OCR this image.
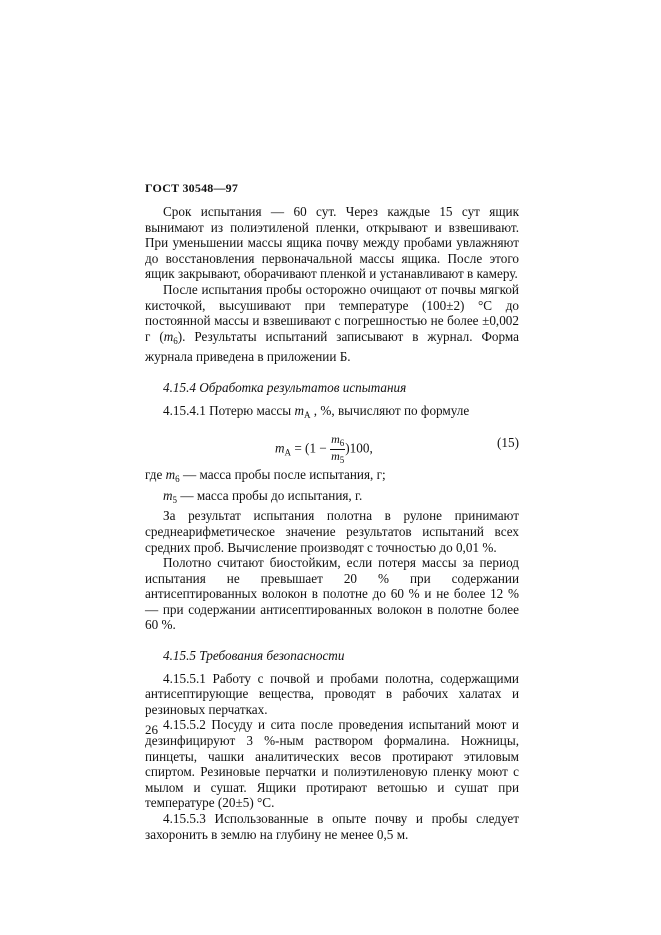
ГОСТ 30548—97

Срок испытания — 60 сут. Через каждые 15 сут ящик вынимают из полиэтиленой пленки, открывают и взвешивают. При уменьшении массы ящика почву между пробами увлажняют до восстановления первоначальной массы ящика. После этого ящик закрывают, оборачивают пленкой и устанавливают в камеру.

После испытания пробы осторожно очищают от почвы мягкой кисточкой, высушивают при температуре (100±2) °С до постоянной массы и взвешивают с погрешностью не более ±0,002 г $(m_6)$. Результаты испытаний записывают в журнал. Форма журнала приведена в приложении Б.

4.15.4 Обработка результатов испытания

4.15.4.1 Потерю массы $m_А$ , %, вычисляют по формуле

$m_А = (1 - \frac{m_6}{m_5} )100$,	(15)
где $m_6$ — масса пробы после испытания, г;
$m_5$ — масса пробы до испытания, г.

За результат испытания полотна в рулоне принимают среднеарифметическое значение результатов испытаний всех средних проб. Вычисление производят с точностью до 0,01 %.

Полотно считают биостойким, если потеря массы за период испытания не превышает 20 % при содержании антисептированных волокон в полотне до 60 % и не более 12 % — при содержании антисептированных волокон в полотне более 60 %.

4.15.5 Требования безопасности

4.15.5.1 Работу с почвой и пробами полотна, содержащими антисептирующие вещества, проводят в рабочих халатах и резиновых перчатках.

4.15.5.2 Посуду и сита после проведения испытаний моют и дезинфицируют 3 %-ным раствором формалина. Ножницы, пинцеты, чашки аналитических весов протирают этиловым спиртом. Резиновые перчатки и полиэтиленовую пленку моют с мылом и сушат. Ящики протирают ветошью и сушат при температуре (20±5) °С.

4.15.5.3 Использованные в опыте почву и пробы следует захоронить в землю на глубину не менее 0,5 м.

26
